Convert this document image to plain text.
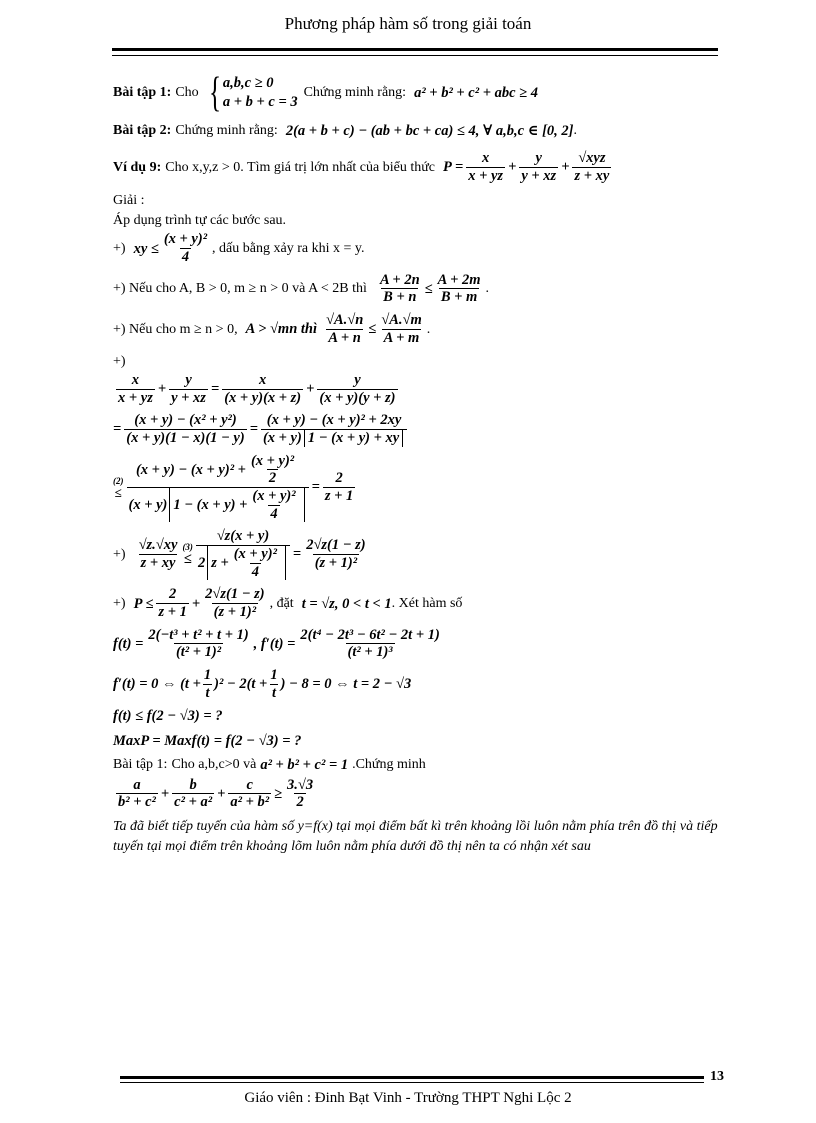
Phương pháp hàm số trong giải toán
Bài tập 1: Cho { a,b,c ≥ 0
a + b + c = 3
Chứng minh rằng: a² + b² + c² + abc ≥ 4
Bài tập 2: Chứng minh rằng: 2(a + b + c) − (ab + bc + ca) ≤ 4, ∀ a,b,c ∈ [0, 2] .
Ví dụ 9: Cho x,y,z > 0. Tìm giá trị lớn nhất của biểu thức $P = \frac{x}{x + yz} + \frac{y}{y + xz} + \frac{\text{√xyz}}{z + xy}$
Giải :
Áp dụng trình tự các bước sau.
+) xy ≤ $\frac{\text{(x + y)²}}{4}$ , dấu bằng xảy ra khi x = y.
+) Nếu cho A, B > 0, m ≥ n > 0 và A < 2B thì $\frac{A + 2n}{B + n} \le \frac{A + 2m}{B + m}$ .
+) Nếu cho m ≥ n > 0, A > √mn thì $\frac{√A.√n}{A + n} \le \frac{√A.√m}{A + m}$ .
+)
$\frac{x}{x + yz} + \frac{y}{y + xz} = \frac{x}{(x + y)(x + z)} + \frac{y}{(x + y)(y + z)}$
= $\frac{\text{(x + y) − (x² + y²)}}{(x + y)(1 - x)(1 - y)} = \frac{\text{(x + y) − (x + y)² + 2xy}}{(x + y) 1 - (x + y) + xy}$
(2)
≤
$(x + y) - (x + y)^2 + \frac{\text{(x + y)²}}{2}$
(x + y) $1 - (x + y) + \frac{\text{(x + y)²}}{4}$
= $\frac{2}{z + 1}$
+) $\frac{√z.√xy}{z + xy} (3)$
≤ $\frac{√z(x + y)}{2 z + \frac{\text{(x + y)²}}{4}} = \frac{2√z(1 - z)}{\text{(z + 1)²}}$
+) $P \le \frac{2}{z + 1} + \frac{2√z(1 - z)}{\text{(z + 1)²}}$ , đặt t = √z, 0 < t < 1 . Xét hàm số
$f(t) = \frac{\text{2(−t³ + t² + t + 1)}}{\text{(t² + 1)²}}$ , $f'(t) = \frac{\text{2(t⁴ − 2t³ − 6t² − 2t + 1)}}{\text{(t² + 1)³}}$
f′(t) = 0 ⇔ $(t + \frac{1}{t} )^2 - 2(t + \frac{1}{t}$ ) − 8 = 0 ⇔ t = 2 − √3
f(t) ≤ f(2 − √3) = ?
MaxP = Maxf(t) = f(2 − √3) = ?
Bài tập 1: Cho a,b,c>0 và a² + b² + c² = 1 .Chứng minh
$\frac{a}{\text{b² + c²}} + \frac{b}{\text{c² + a²}} + \frac{c}{\text{a² + b²}} \ge \frac{3.√3}{2}$
Ta đã biết tiếp tuyến của hàm số y=f(x) tại mọi điểm bất kì trên khoảng lồi luôn nằm phía trên đồ thị và tiếp tuyến tại mọi điểm trên khoảng lõm luôn nằm phía dưới đồ thị nên ta có nhận xét sau
13
Giáo viên : Đinh Bạt Vinh - Trường THPT Nghi Lộc 2
